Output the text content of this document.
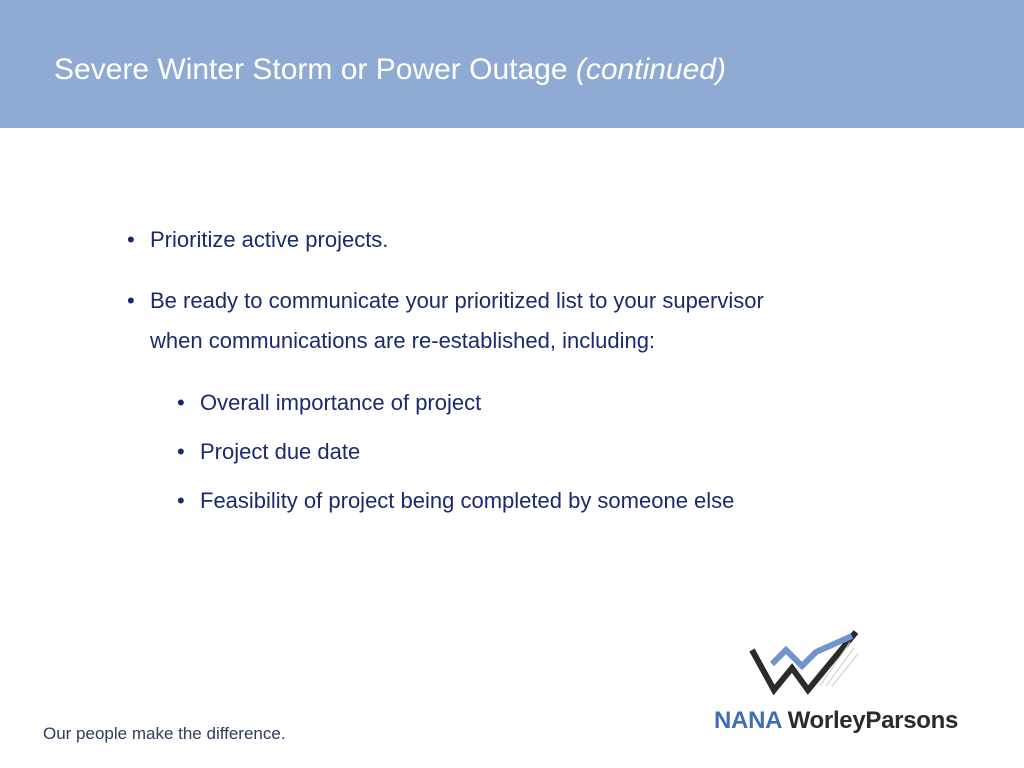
Severe Winter Storm or Power Outage (continued)
• Prioritize active projects.
• Be ready to communicate your prioritized list to your supervisor
when communications are re-established, including:
• Overall importance of project
• Project due date
• Feasibility of project being completed by someone else
Our people make the difference.	NANA WorleyParsons
